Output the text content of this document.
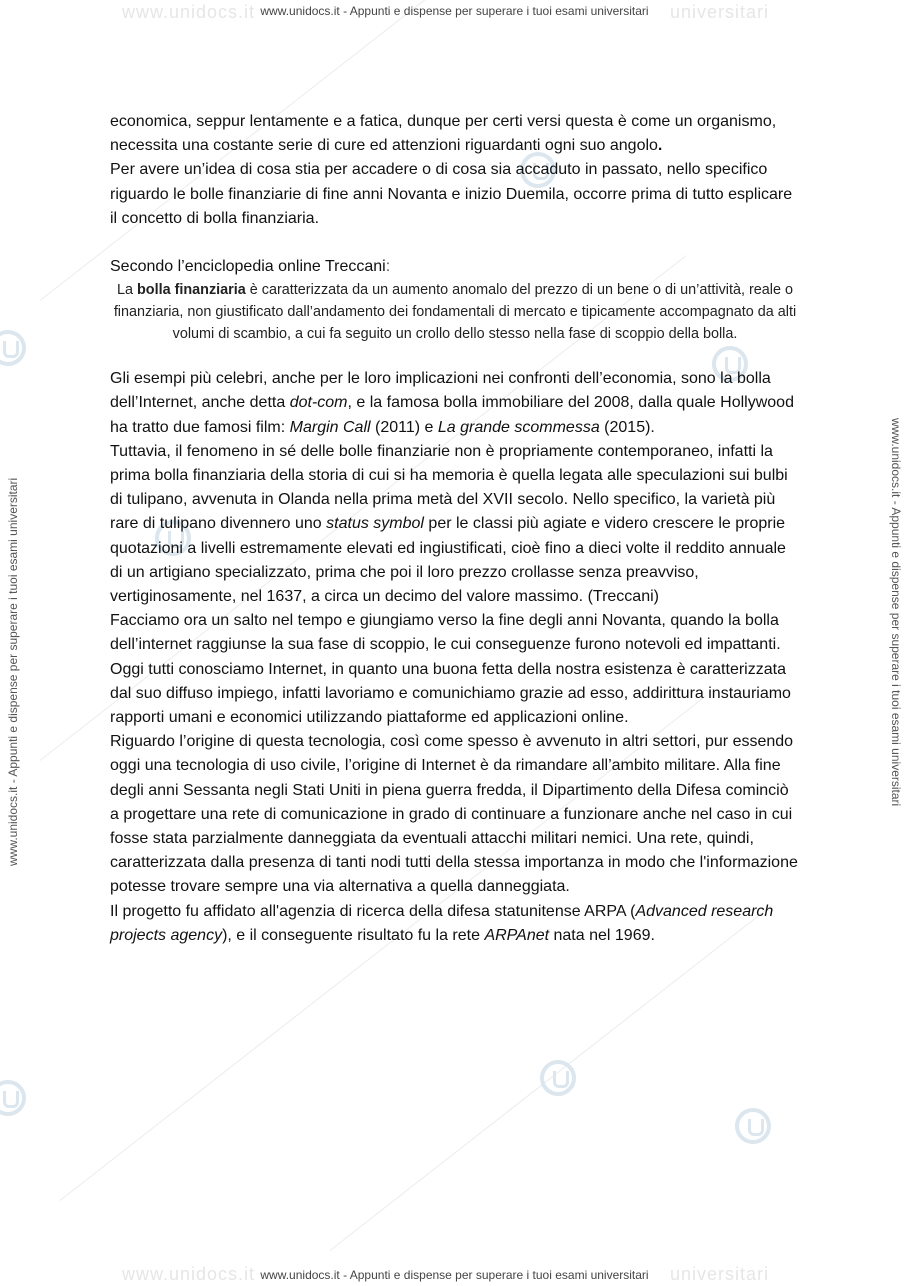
www.unidocs.it	universitari
www.unidocs.it - Appunti e dispense per superare i tuoi esami universitari
www.unidocs.it	universitari
www.unidocs.it - Appunti e dispense per superare i tuoi esami universitari
www.unidocs.it - Appunti e dispense per superare i tuoi esami universitari	www.unidocs.it - Appunti e dispense per superare i tuoi esami universitari

economica, seppur lentamente e a fatica, dunque per certi versi questa è come un organismo, necessita una costante serie di cure ed attenzioni riguardanti ogni suo angolo.

Per avere un’idea di cosa stia per accadere o di cosa sia accaduto in passato, nello specifico riguardo le bolle finanziarie di fine anni Novanta e inizio Duemila, occorre prima di tutto esplicare il concetto di bolla finanziaria.

Secondo l’enciclopedia online Treccani:

La bolla finanziaria è caratterizzata da un aumento anomalo del prezzo di un bene o di un’attività, reale o finanziaria, non giustificato dall’andamento dei fondamentali di mercato e tipicamente accompagnato da alti volumi di scambio, a cui fa seguito un crollo dello stesso nella fase di scoppio della bolla.

Gli esempi più celebri, anche per le loro implicazioni nei confronti dell’economia, sono la bolla dell’Internet, anche detta dot-com, e la famosa bolla immobiliare del 2008, dalla quale Hollywood ha tratto due famosi film: Margin Call (2011) e La grande scommessa (2015).

Tuttavia, il fenomeno in sé delle bolle finanziarie non è propriamente contemporaneo, infatti la prima bolla finanziaria della storia di cui si ha memoria è quella legata alle speculazioni sui bulbi di tulipano, avvenuta in Olanda nella prima metà del XVII secolo. Nello specifico, la varietà più rare di tulipano divennero uno status symbol per le classi più agiate e videro crescere le proprie quotazioni a livelli estremamente elevati ed ingiustificati, cioè fino a dieci volte il reddito annuale di un artigiano specializzato, prima che poi il loro prezzo crollasse senza preavviso, vertiginosamente, nel 1637, a circa un decimo del valore massimo. (Treccani)

Facciamo ora un salto nel tempo e giungiamo verso la fine degli anni Novanta, quando la bolla dell’internet raggiunse la sua fase di scoppio, le cui conseguenze furono notevoli ed impattanti.

Oggi tutti conosciamo Internet, in quanto una buona fetta della nostra esistenza è caratterizzata dal suo diffuso impiego, infatti lavoriamo e comunichiamo grazie ad esso, addirittura instauriamo rapporti umani e economici utilizzando piattaforme ed applicazioni online.

Riguardo l’origine di questa tecnologia, così come spesso è avvenuto in altri settori, pur essendo oggi una tecnologia di uso civile, l’origine di Internet è da rimandare all’ambito militare. Alla fine degli anni Sessanta negli Stati Uniti in piena guerra fredda, il Dipartimento della Difesa cominciò a progettare una rete di comunicazione in grado di continuare a funzionare anche nel caso in cui fosse stata parzialmente danneggiata da eventuali attacchi militari nemici. Una rete, quindi, caratterizzata dalla presenza di tanti nodi tutti della stessa importanza in modo che l'informazione potesse trovare sempre una via alternativa a quella danneggiata.

Il progetto fu affidato all'agenzia di ricerca della difesa statunitense ARPA (Advanced research projects agency), e il conseguente risultato fu la rete ARPAnet nata nel 1969.
